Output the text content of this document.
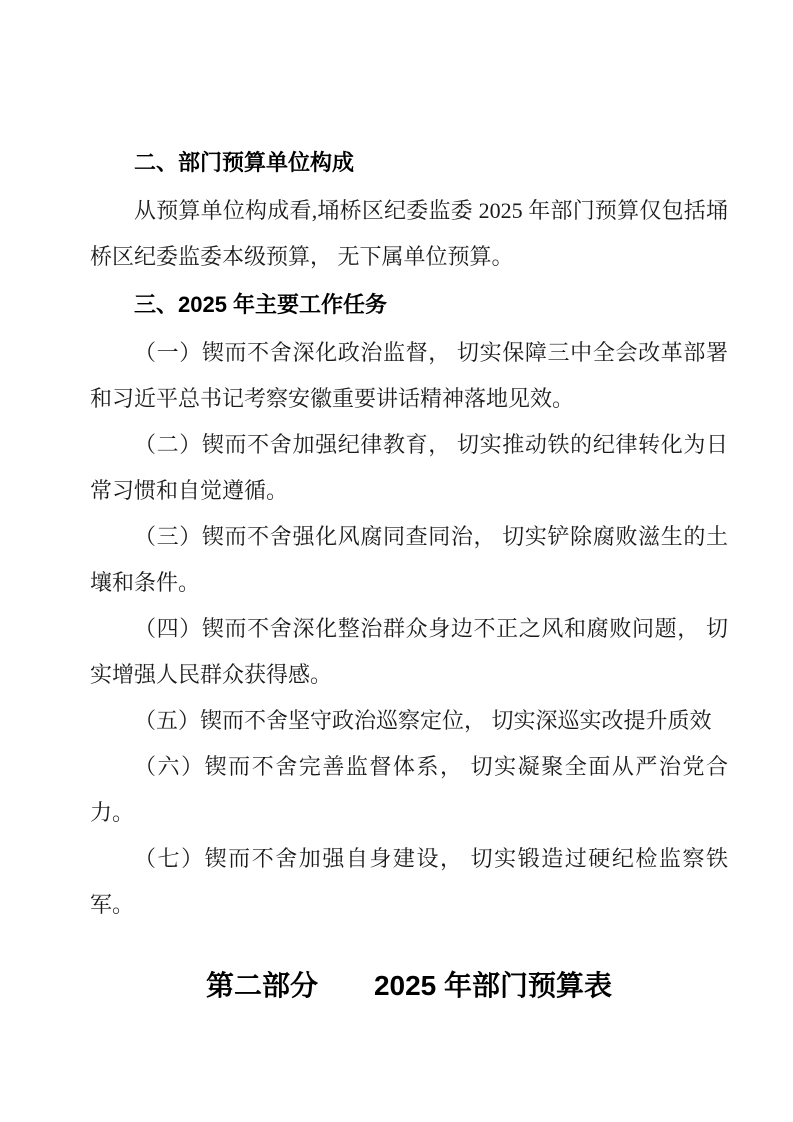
二、部门预算单位构成

从预算单位构成看,埇桥区纪委监委 2025 年部门预算仅包括埇桥区纪委监委本级预算， 无下属单位预算。

三、2025 年主要工作任务

（一）锲而不舍深化政治监督， 切实保障三中全会改革部署和习近平总书记考察安徽重要讲话精神落地见效。

（二）锲而不舍加强纪律教育， 切实推动铁的纪律转化为日常习惯和自觉遵循。

（三）锲而不舍强化风腐同查同治， 切实铲除腐败滋生的土壤和条件。

（四）锲而不舍深化整治群众身边不正之风和腐败问题， 切实增强人民群众获得感。

（五）锲而不舍坚守政治巡察定位， 切实深巡实改提升质效

（六）锲而不舍完善监督体系， 切实凝聚全面从严治党合力。

（七）锲而不舍加强自身建设， 切实锻造过硬纪检监察铁军。

第二部分　　2025 年部门预算表
